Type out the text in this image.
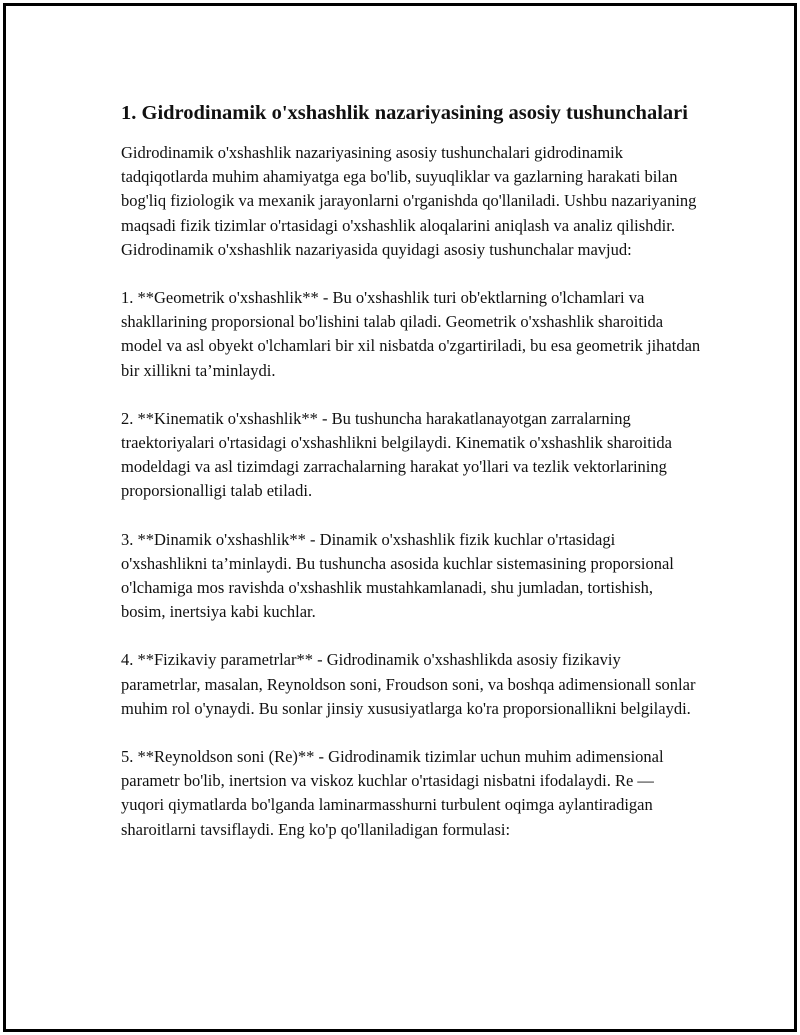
1. Gidrodinamik o'xshashlik nazariyasining asosiy tushunchalari

Gidrodinamik o'xshashlik nazariyasining asosiy tushunchalari gidrodinamik tadqiqotlarda muhim ahamiyatga ega bo'lib, suyuqliklar va gazlarning harakati bilan bog'liq fiziologik va mexanik jarayonlarni o'rganishda qo'llaniladi. Ushbu nazariyaning maqsadi fizik tizimlar o'rtasidagi o'xshashlik aloqalarini aniqlash va analiz qilishdir. Gidrodinamik o'xshashlik nazariyasida quyidagi asosiy tushunchalar mavjud:

1. **Geometrik o'xshashlik** - Bu o'xshashlik turi ob'ektlarning o'lchamlari va shakllarining proporsional bo'lishini talab qiladi. Geometrik o'xshashlik sharoitida model va asl obyekt o'lchamlari bir xil nisbatda o'zgartiriladi, bu esa geometrik jihatdan bir xillikni ta’minlaydi.

2. **Kinematik o'xshashlik** - Bu tushuncha harakatlanayotgan zarralarning traektoriyalari o'rtasidagi o'xshashlikni belgilaydi. Kinematik o'xshashlik sharoitida modeldagi va asl tizimdagi zarrachalarning harakat yo'llari va tezlik vektorlarining proporsionalligi talab etiladi.

3. **Dinamik o'xshashlik** - Dinamik o'xshashlik fizik kuchlar o'rtasidagi o'xshashlikni ta’minlaydi. Bu tushuncha asosida kuchlar sistemasining proporsional o'lchamiga mos ravishda o'xshashlik mustahkamlanadi, shu jumladan, tortishish, bosim, inertsiya kabi kuchlar.

4. **Fizikaviy parametrlar** - Gidrodinamik o'xshashlikda asosiy fizikaviy parametrlar, masalan, Reynoldson soni, Froudson soni, va boshqa adimensionall sonlar muhim rol o'ynaydi. Bu sonlar jinsiy xususiyatlarga ko'ra proporsionallikni belgilaydi.

5. **Reynoldson soni (Re)** - Gidrodinamik tizimlar uchun muhim adimensional parametr bo'lib, inertsion va viskoz kuchlar o'rtasidagi nisbatni ifodalaydi. Re — yuqori qiymatlarda bo'lganda laminarmasshurni turbulent oqimga aylantiradigan sharoitlarni tavsiflaydi. Eng ko'p qo'llaniladigan formulasi:
